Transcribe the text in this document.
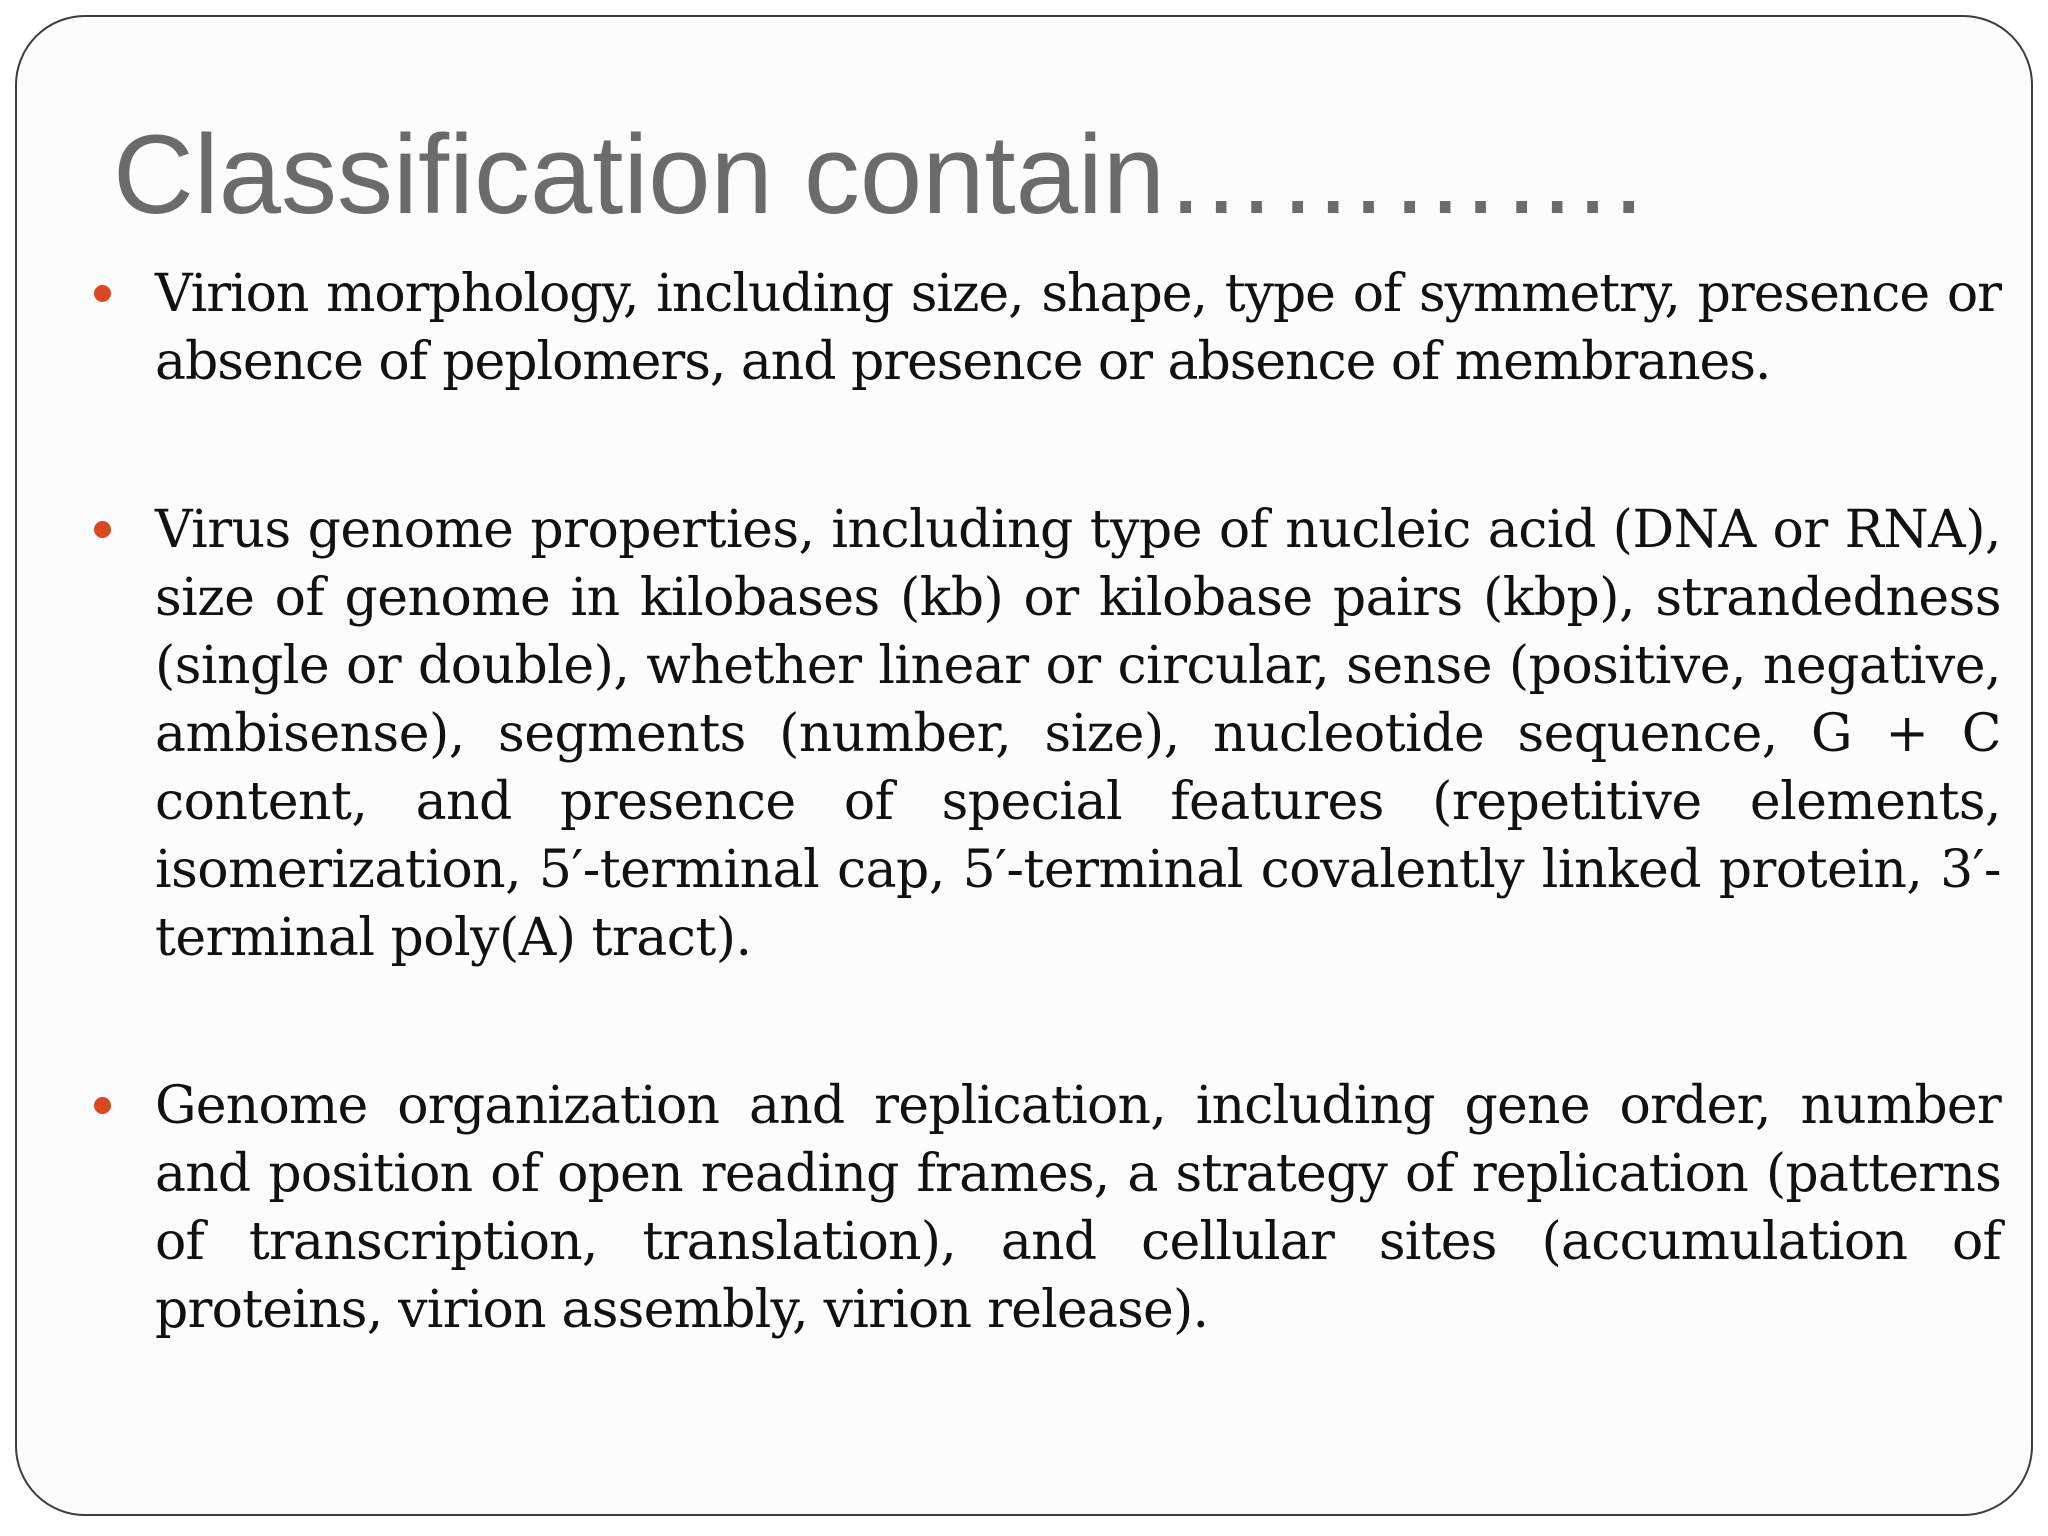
Classification contain………….
Virion morphology, including size, shape, type of symmetry, presence or absence of peplomers, and presence or absence of membranes.
Virus genome properties, including type of nucleic acid (DNA or RNA), size of genome in kilobases (kb) or kilobase pairs (kbp), strandedness (single or double), whether linear or circular, sense (positive, negative, ambisense), segments (number, size), nucleotide sequence, G + C content, and presence of special features (repetitive elements, isomerization, 5′-terminal cap, 5′-terminal covalently linked protein, 3′-terminal poly(A) tract).
Genome organization and replication, including gene order, number and position of open reading frames, a strategy of replication (patterns of transcription, translation), and cellular sites (accumulation of proteins, virion assembly, virion release).
